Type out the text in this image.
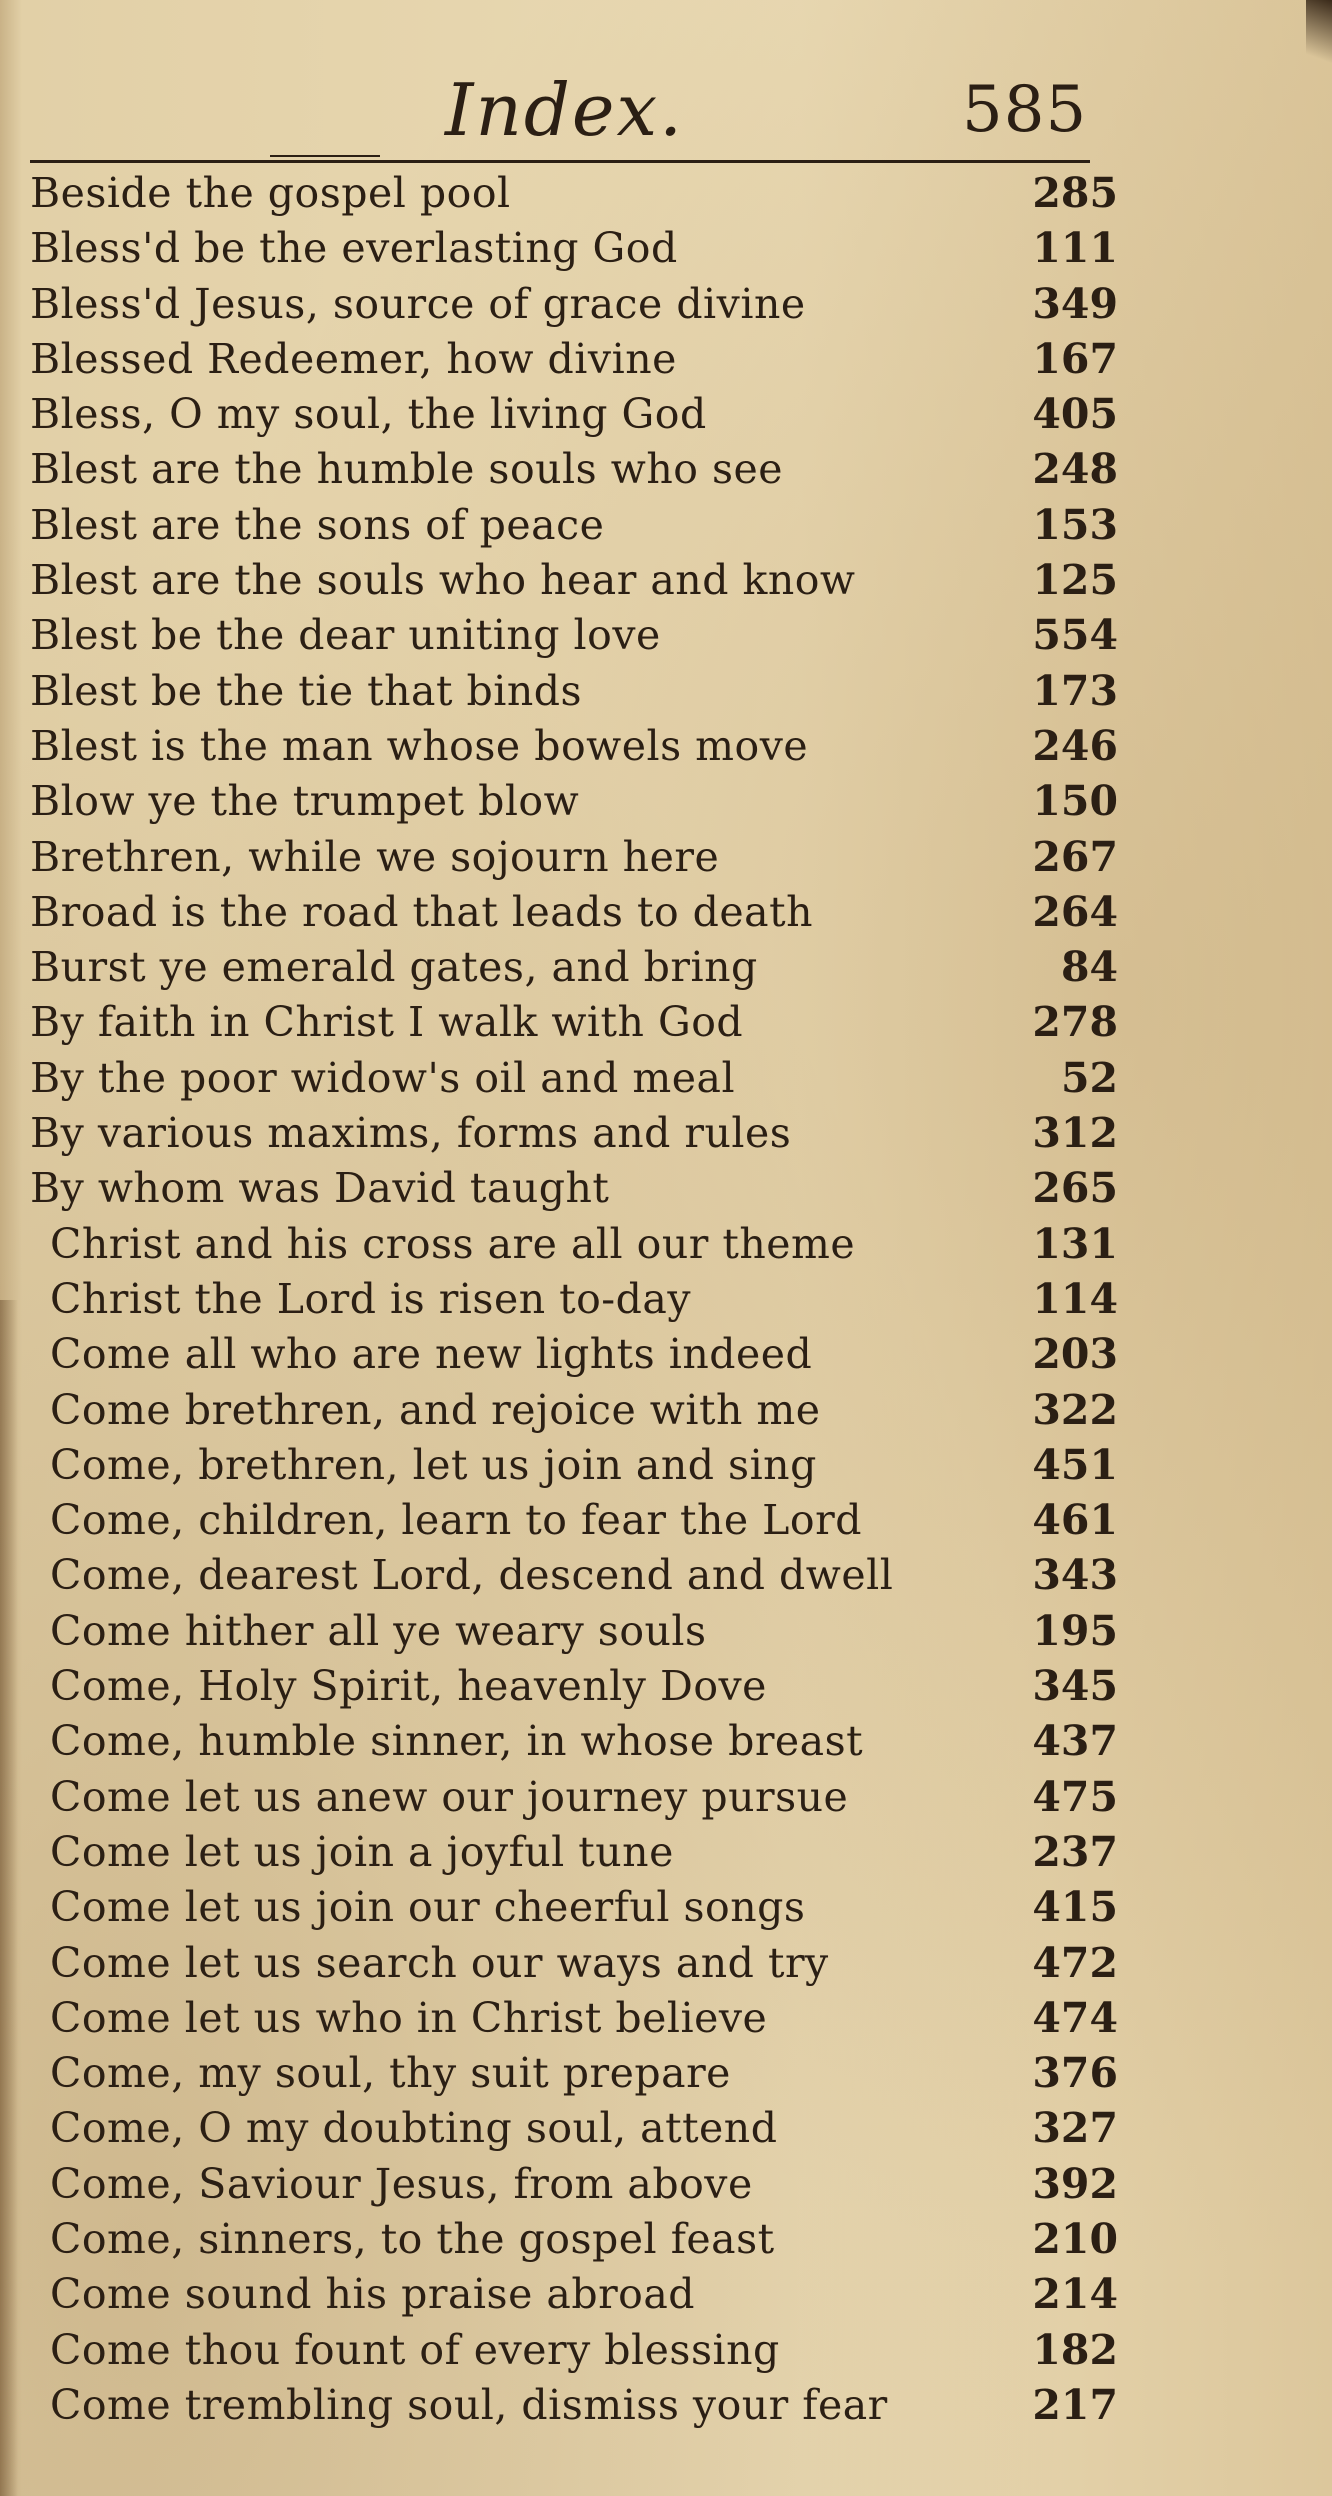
Index.	585
Beside the gospel pool	285
Bless'd be the everlasting God	111
Bless'd Jesus, source of grace divine	349
Blessed Redeemer, how divine	167
Bless, O my soul, the living God	405
Blest are the humble souls who see	248
Blest are the sons of peace	153
Blest are the souls who hear and know	125
Blest be the dear uniting love	554
Blest be the tie that binds	173
Blest is the man whose bowels move	246
Blow ye the trumpet blow	150
Brethren, while we sojourn here	267
Broad is the road that leads to death	264
Burst ye emerald gates, and bring	84
By faith in Christ I walk with God	278
By the poor widow's oil and meal	52
By various maxims, forms and rules	312
By whom was David taught	265
Christ and his cross are all our theme	131
Christ the Lord is risen to-day	114
Come all who are new lights indeed	203
Come brethren, and rejoice with me	322
Come, brethren, let us join and sing	451
Come, children, learn to fear the Lord	461
Come, dearest Lord, descend and dwell	343
Come hither all ye weary souls	195
Come, Holy Spirit, heavenly Dove	345
Come, humble sinner, in whose breast	437
Come let us anew our journey pursue	475
Come let us join a joyful tune	237
Come let us join our cheerful songs	415
Come let us search our ways and try	472
Come let us who in Christ believe	474
Come, my soul, thy suit prepare	376
Come, O my doubting soul, attend	327
Come, Saviour Jesus, from above	392
Come, sinners, to the gospel feast	210
Come sound his praise abroad	214
Come thou fount of every blessing	182
Come trembling soul, dismiss your fear	217
